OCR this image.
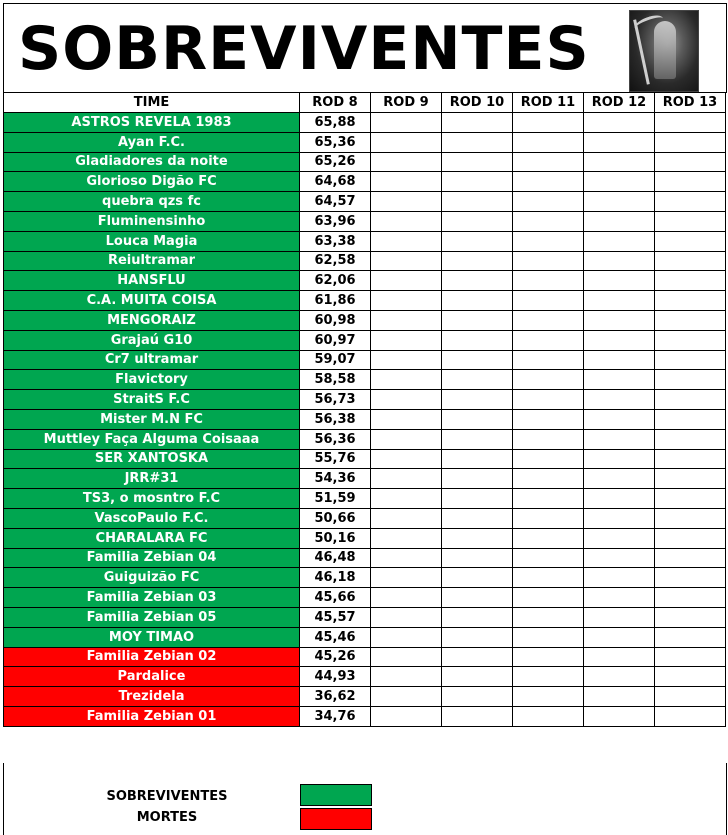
SOBREVIVENTES
TIME	ROD 8	ROD 9	ROD 10	ROD 11	ROD 12	ROD 13
ASTROS REVELA 1983	65,88					
Ayan F.C.	65,36					
Gladiadores da noite	65,26					
Glorioso Digão FC	64,68					
quebra qzs fc	64,57					
Fluminensinho	63,96					
Louca Magia	63,38					
Reiultramar	62,58					
HANSFLU	62,06					
C.A. MUITA COISA	61,86					
MENGORAIZ	60,98					
Grajaú G10	60,97					
Cr7 ultramar	59,07					
Flavictory	58,58					
StraitS F.C	56,73					
Mister M.N FC	56,38					
Muttley Faça Alguma Coisaaa	56,36					
SER XANTOSKA	55,76					
JRR#31	54,36					
TS3, o mosntro F.C	51,59					
VascoPaulo F.C.	50,66					
CHARALARA FC	50,16					
Familia Zebian 04	46,48					
Guiguizão FC	46,18					
Familia Zebian 03	45,66					
Familia Zebian 05	45,57					
MOY TIMAO	45,46					
Familia Zebian 02	45,26					
Pardalice	44,93					
Trezidela	36,62					
Familia Zebian 01	34,76					
SOBREVIVENTES
MORTES
